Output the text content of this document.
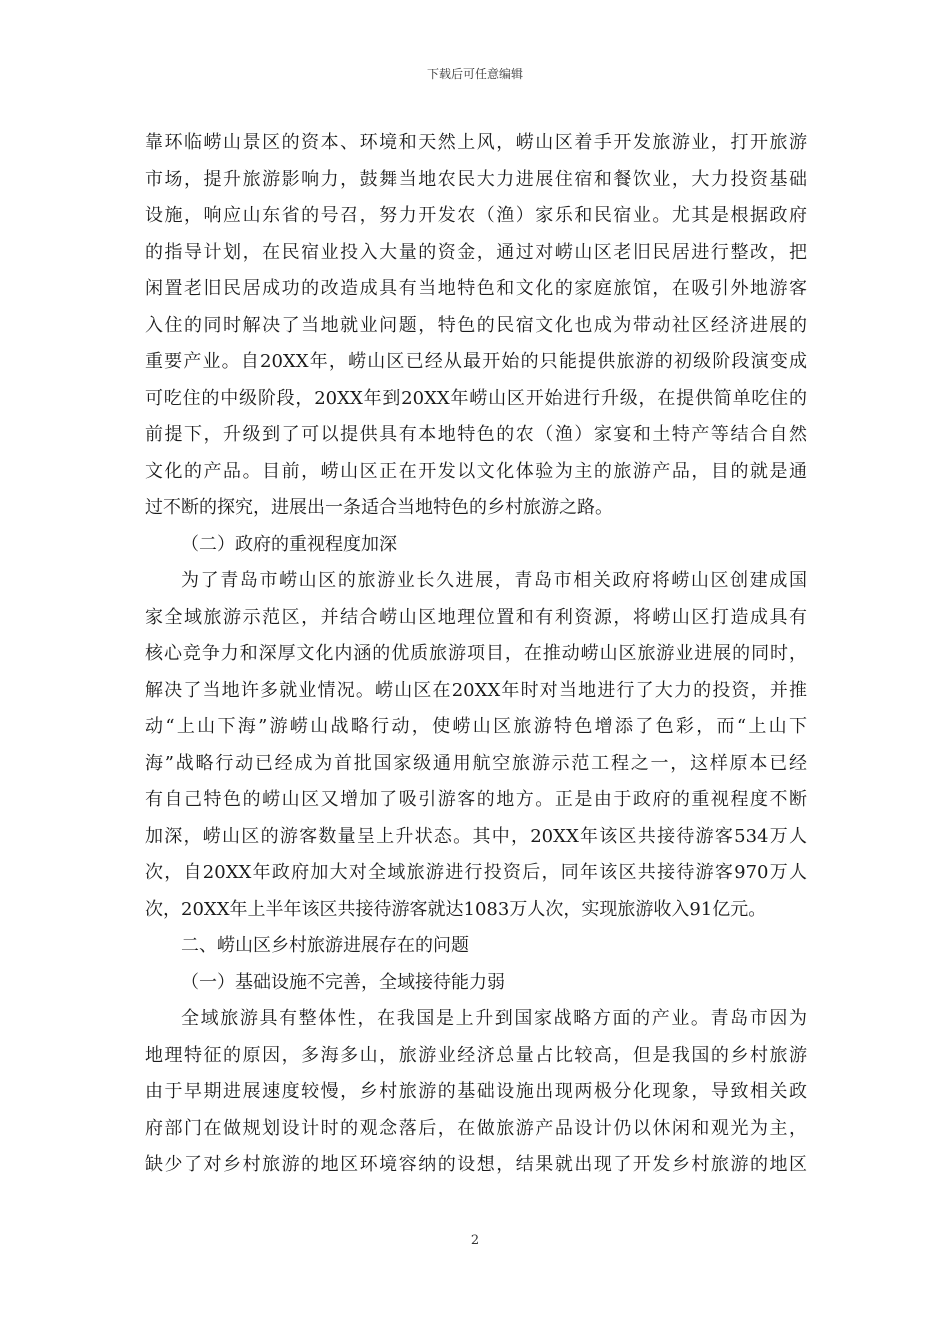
下载后可任意编辑
靠环临崂山景区的资本、环境和天然上风，崂山区着手开发旅游业，打开旅游
市场，提升旅游影响力，鼓舞当地农民大力进展住宿和餐饮业，大力投资基础
设施，响应山东省的号召，努力开发农（渔）家乐和民宿业。尤其是根据政府
的指导计划，在民宿业投入大量的资金，通过对崂山区老旧民居进行整改，把
闲置老旧民居成功的改造成具有当地特色和文化的家庭旅馆，在吸引外地游客
入住的同时解决了当地就业问题，特色的民宿文化也成为带动社区经济进展的
重要产业。自20XX年，崂山区已经从最开始的只能提供旅游的初级阶段演变成
可吃住的中级阶段，20XX年到20XX年崂山区开始进行升级，在提供简单吃住的
前提下，升级到了可以提供具有本地特色的农（渔）家宴和土特产等结合自然
文化的产品。目前，崂山区正在开发以文化体验为主的旅游产品，目的就是通
过不断的探究，进展出一条适合当地特色的乡村旅游之路。
（二）政府的重视程度加深
为了青岛市崂山区的旅游业长久进展，青岛市相关政府将崂山区创建成国
家全域旅游示范区，并结合崂山区地理位置和有利资源，将崂山区打造成具有
核心竞争力和深厚文化内涵的优质旅游项目，在推动崂山区旅游业进展的同时，
解决了当地许多就业情况。崂山区在20XX年时对当地进行了大力的投资，并推
动“上山下海”游崂山战略行动，使崂山区旅游特色增添了色彩，而“上山下
海”战略行动已经成为首批国家级通用航空旅游示范工程之一，这样原本已经
有自己特色的崂山区又增加了吸引游客的地方。正是由于政府的重视程度不断
加深，崂山区的游客数量呈上升状态。其中，20XX年该区共接待游客534万人
次，自20XX年政府加大对全域旅游进行投资后，同年该区共接待游客970万人
次，20XX年上半年该区共接待游客就达1083万人次，实现旅游收入91亿元。
二、崂山区乡村旅游进展存在的问题
（一）基础设施不完善，全域接待能力弱
全域旅游具有整体性，在我国是上升到国家战略方面的产业。青岛市因为
地理特征的原因，多海多山，旅游业经济总量占比较高，但是我国的乡村旅游
由于早期进展速度较慢，乡村旅游的基础设施出现两极分化现象，导致相关政
府部门在做规划设计时的观念落后，在做旅游产品设计仍以休闲和观光为主，
缺少了对乡村旅游的地区环境容纳的设想，结果就出现了开发乡村旅游的地区
2
